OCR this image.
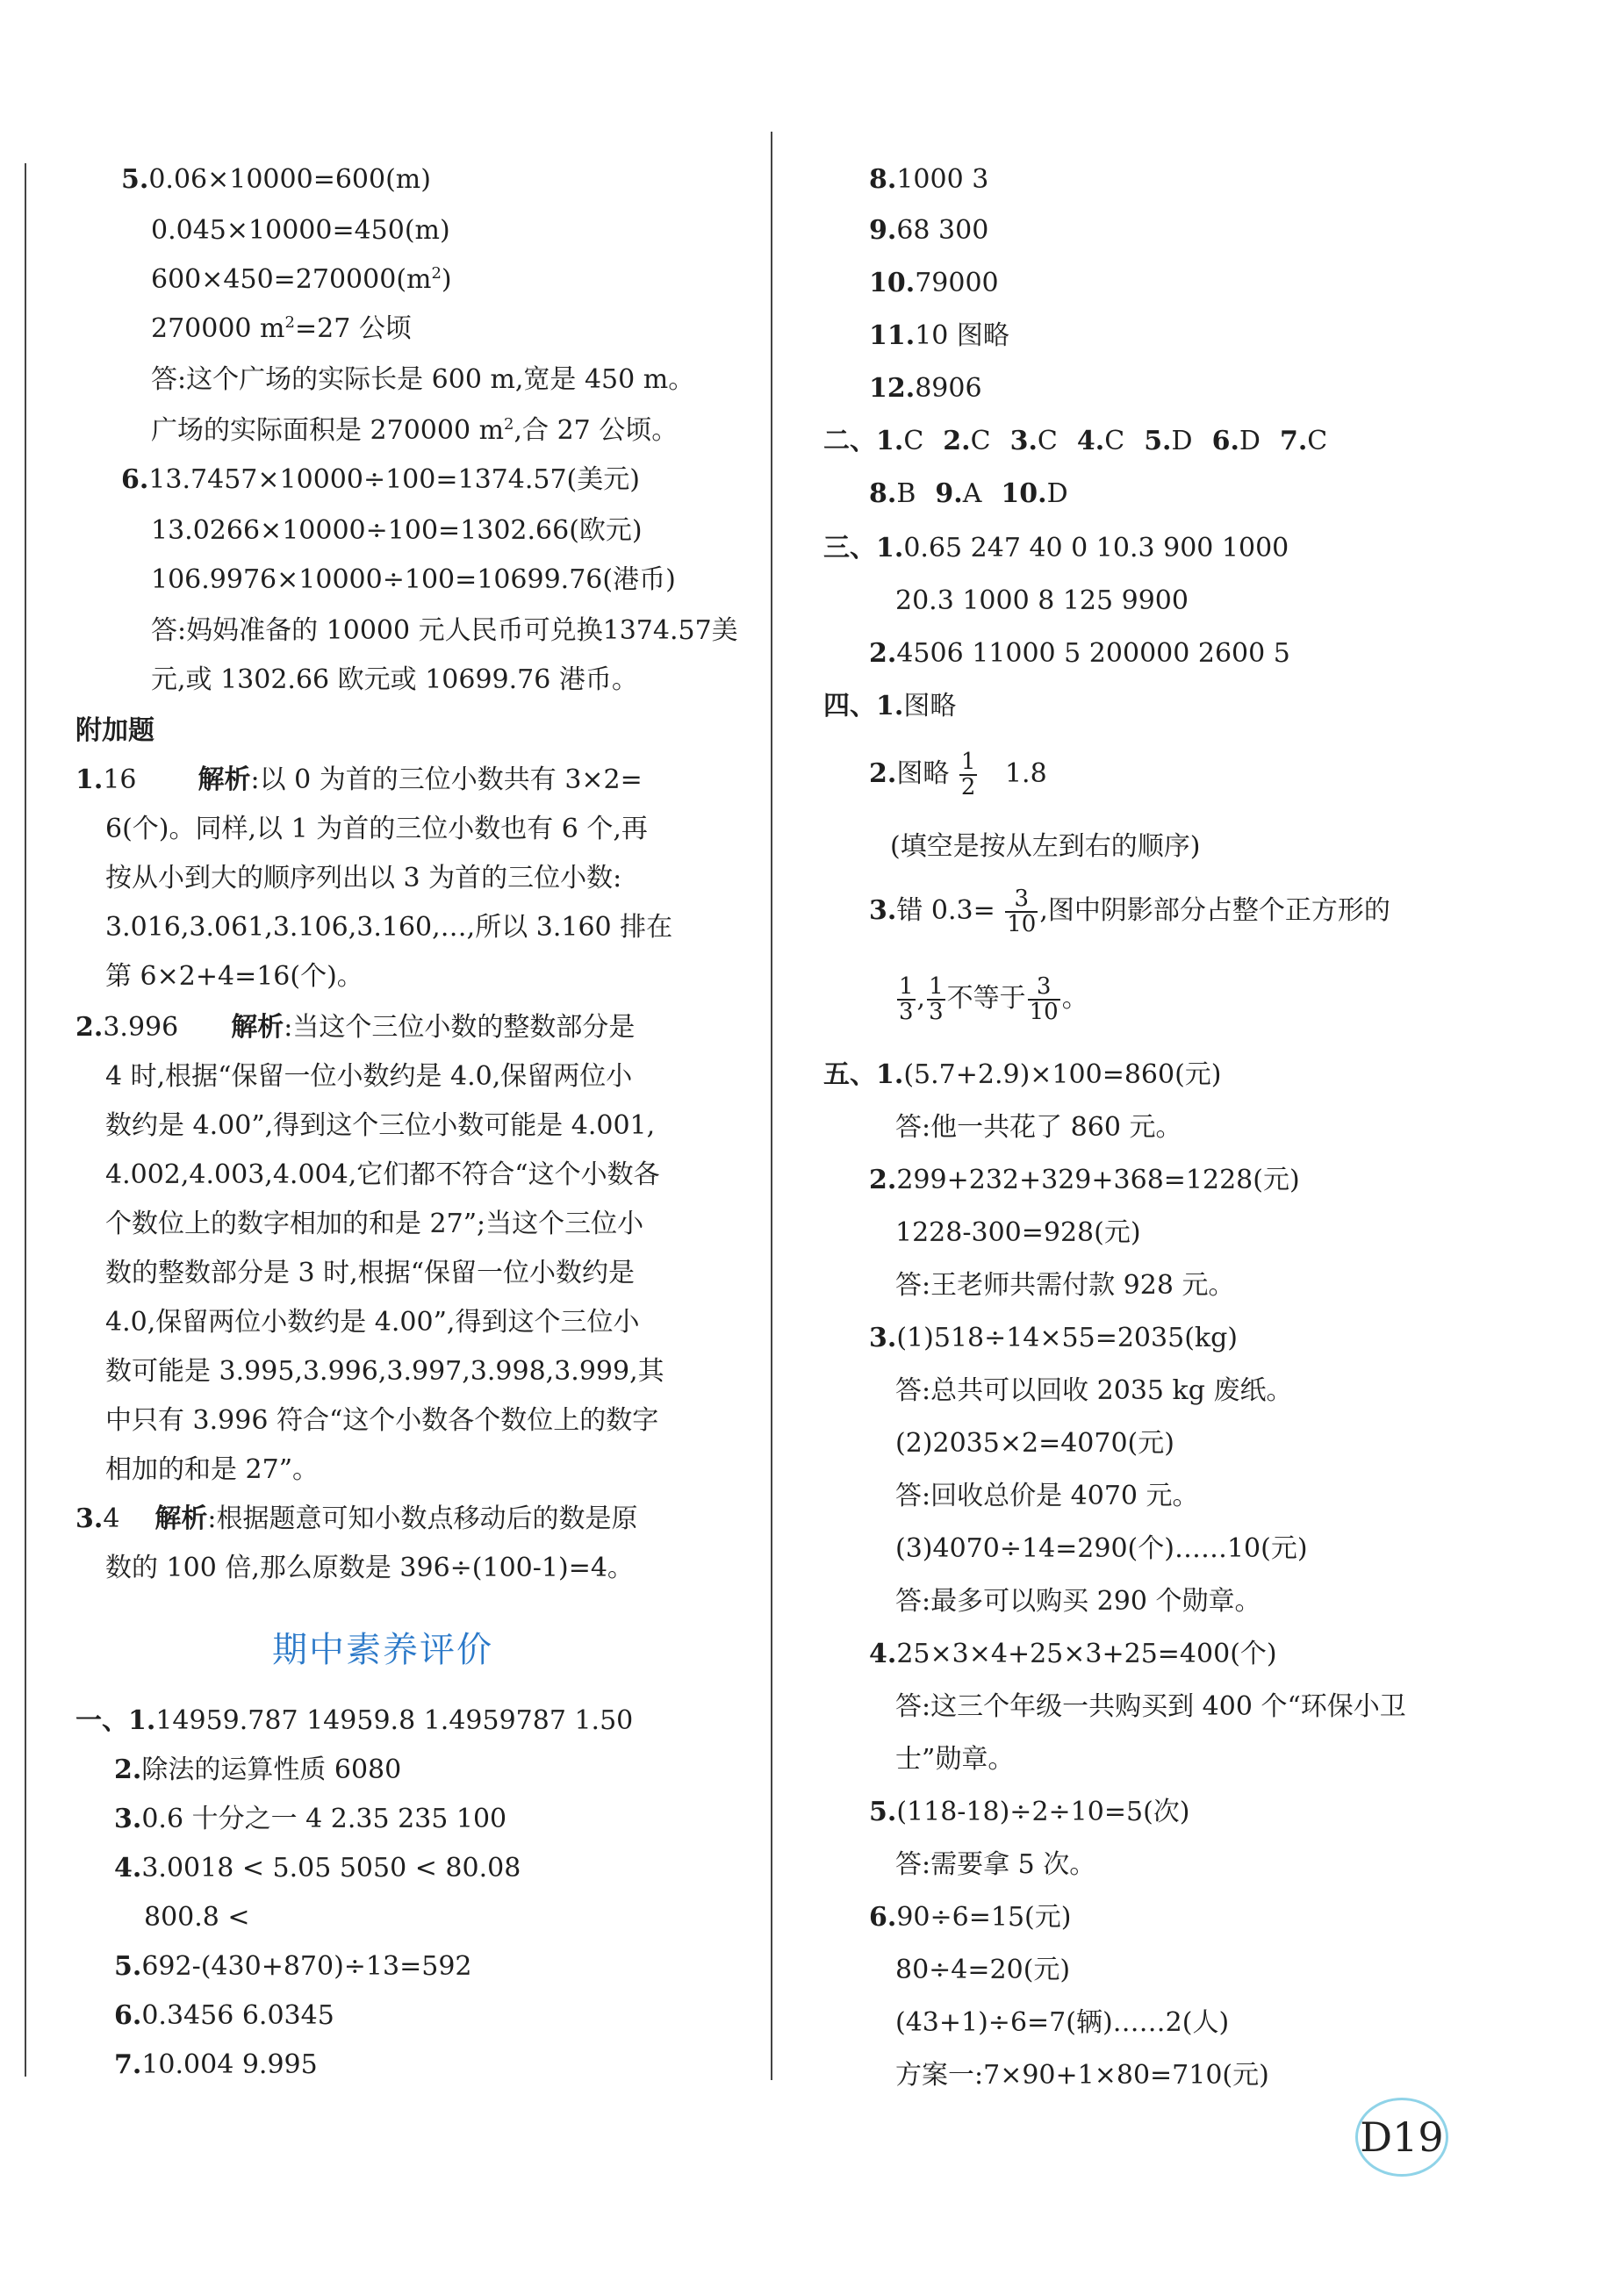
5.0.06×10000=600(m)
0.045×10000=450(m)
$600\times 450=270000(m^2)$
270000 $m^2=27$ 公顷
答:这个广场的实际长是 600 m,宽是 450 m。
广场的实际面积是 270000 $m^2$,合 27 公顷。
6.13.7457×10000÷100=1374.57(美元)
13.0266×10000÷100=1302.66(欧元)
106.9976×10000÷100=10699.76(港币)
答:妈妈准备的 10000 元人民币可兑换1374.57美
元,或 1302.66 欧元或 10699.76 港币。
附加题
1.16 解析:以 0 为首的三位小数共有 3×2=
6(个)。同样,以 1 为首的三位小数也有 6 个,再
按从小到大的顺序列出以 3 为首的三位小数:
3.016,3.061,3.106,3.160,…,所以 3.160 排在
第 6×2+4=16(个)。
2.3.996 解析:当这个三位小数的整数部分是
4 时,根据“保留一位小数约是 4.0,保留两位小
数约是 4.00”,得到这个三位小数可能是 4.001,
4.002,4.003,4.004,它们都不符合“这个小数各
个数位上的数字相加的和是 27”;当这个三位小
数的整数部分是 3 时,根据“保留一位小数约是
4.0,保留两位小数约是 4.00”,得到这个三位小
数可能是 3.995,3.996,3.997,3.998,3.999,其
中只有 3.996 符合“这个小数各个数位上的数字
相加的和是 27”。
3.4 解析:根据题意可知小数点移动后的数是原
数的 100 倍,那么原数是 396÷(100-1)=4。
期中素养评价
一、1.14959.787 14959.8 1.4959787 1.50
2.除法的运算性质 6080
3.0.6 十分之一 4 2.35 235 100
4.3.0018 < 5.05 5050 < 80.08
800.8 <
5.692-(430+870)÷13=592
6.0.3456 6.0345
7.10.004 9.995
8.1000 3
9.68 300
10.79000
11.10 图略
12.8906
二、1.C 2.C 3.C 4.C 5.D 6.D 7.C
8.B 9.A 10.D
三、1.0.65 247 40 0 10.3 900 1000
20.3 1000 8 125 9900
2.4506 11000 5 200000 2600 5
四、1.图略
2.图略 $\frac{1}{2} 1.8$
(填空是按从左到右的顺序)
3.错 $0.3= \frac{3}{10}$ ,图中阴影部分占整个正方形的
$\frac{1}{3}$ , $\frac{1}{3}$ 不等于 $\frac{3}{10}$ 。
五、1.(5.7+2.9)×100=860(元)
答:他一共花了 860 元。
2.299+232+329+368=1228(元)
1228-300=928(元)
答:王老师共需付款 928 元。
3.(1)518÷14×55=2035(kg)
答:总共可以回收 2035 kg 废纸。
(2)2035×2=4070(元)
答:回收总价是 4070 元。
(3)4070÷14=290(个)……10(元)
答:最多可以购买 290 个勋章。
4.25×3×4+25×3+25=400(个)
答:这三个年级一共购买到 400 个“环保小卫
士”勋章。
5.(118-18)÷2÷10=5(次)
答:需要拿 5 次。
6.90÷6=15(元)
80÷4=20(元)
(43+1)÷6=7(辆)……2(人)
方案一:7×90+1×80=710(元)
D19
